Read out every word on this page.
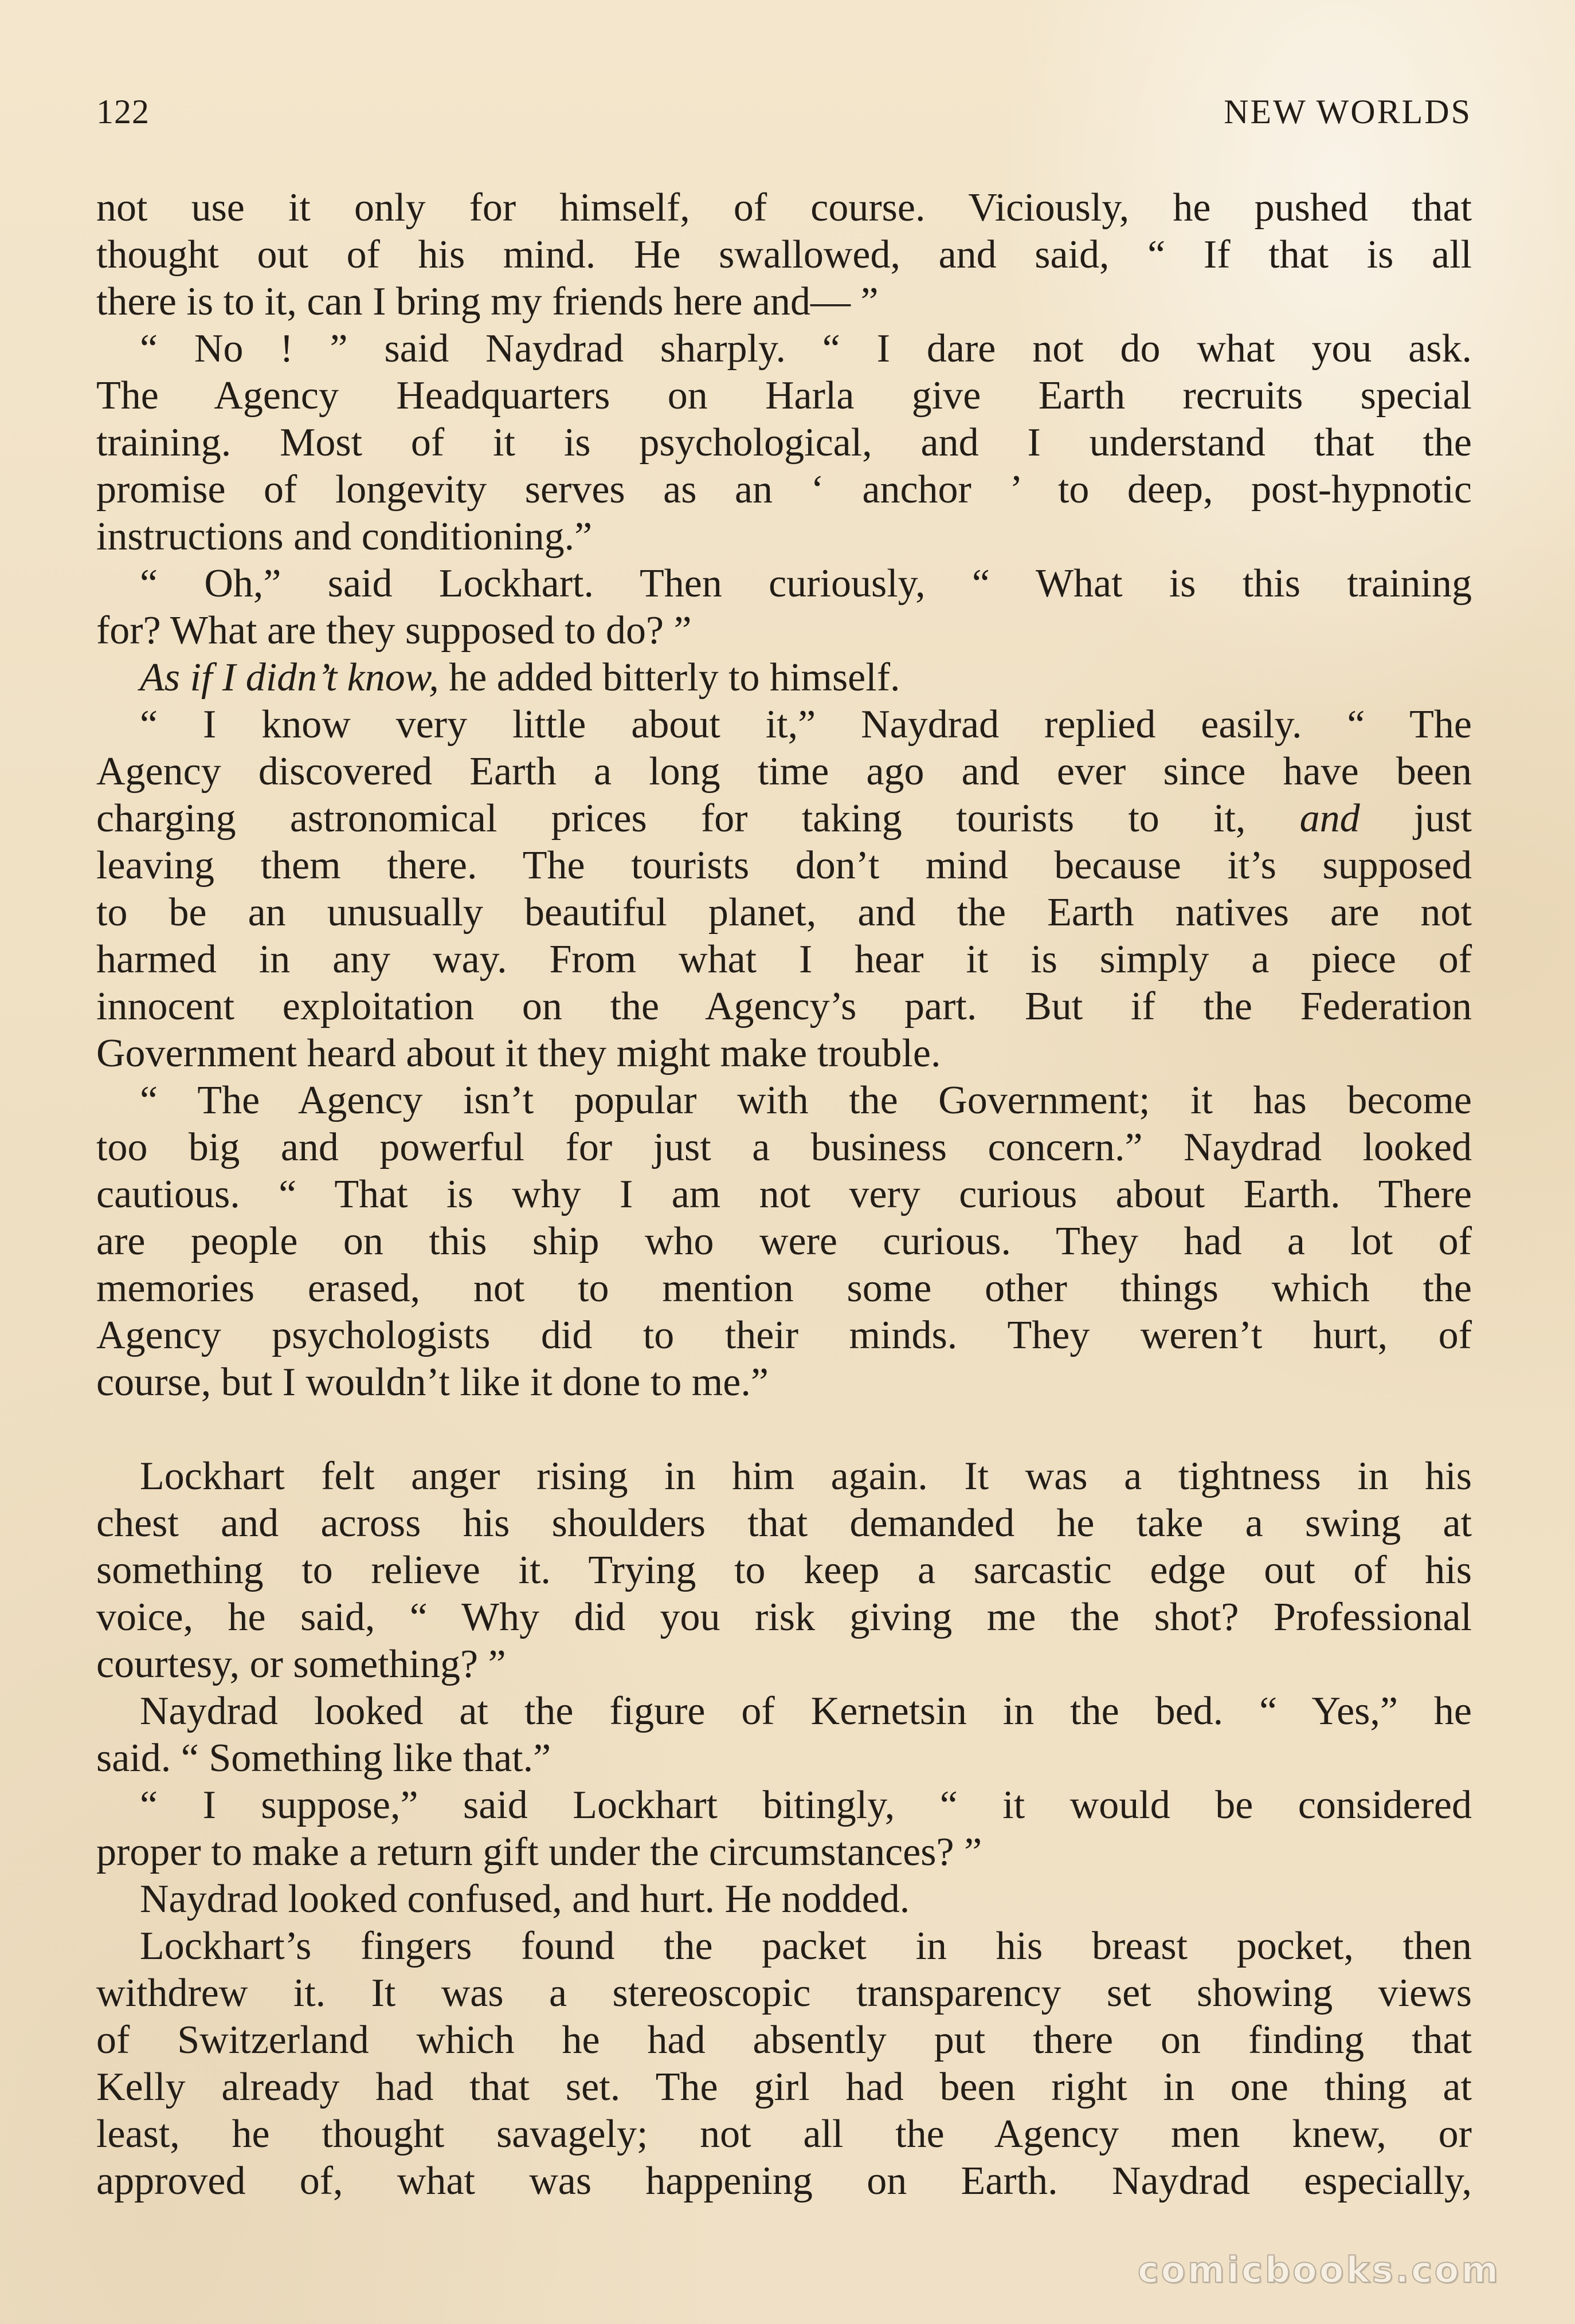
122	NEW WORLDS
not use it only for himself, of course. Viciously, he pushed that
thought out of his mind. He swallowed, and said, “ If that is all
there is to it, can I bring my friends here and— ”
“ No ! ” said Naydrad sharply. “ I dare not do what you ask.
The Agency Headquarters on Harla give Earth recruits special
training. Most of it is psychological, and I understand that the
promise of longevity serves as an ‘ anchor ’ to deep, post-hypnotic
instructions and conditioning.”
“ Oh,” said Lockhart. Then curiously, “ What is this training
for? What are they supposed to do? ”
As if I didn’t know, he added bitterly to himself.
“ I know very little about it,” Naydrad replied easily. “ The
Agency discovered Earth a long time ago and ever since have been
charging astronomical prices for taking tourists to it, and just
leaving them there. The tourists don’t mind because it’s supposed
to be an unusually beautiful planet, and the Earth natives are not
harmed in any way. From what I hear it is simply a piece of
innocent exploitation on the Agency’s part. But if the Federation
Government heard about it they might make trouble.
“ The Agency isn’t popular with the Government; it has become
too big and powerful for just a business concern.” Naydrad looked
cautious. “ That is why I am not very curious about Earth. There
are people on this ship who were curious. They had a lot of
memories erased, not to mention some other things which the
Agency psychologists did to their minds. They weren’t hurt, of
course, but I wouldn’t like it done to me.”
Lockhart felt anger rising in him again. It was a tightness in his
chest and across his shoulders that demanded he take a swing at
something to relieve it. Trying to keep a sarcastic edge out of his
voice, he said, “ Why did you risk giving me the shot? Professional
courtesy, or something? ”
Naydrad looked at the figure of Kernetsin in the bed. “ Yes,” he
said. “ Something like that.”
“ I suppose,” said Lockhart bitingly, “ it would be considered
proper to make a return gift under the circumstances? ”
Naydrad looked confused, and hurt. He nodded.
Lockhart’s fingers found the packet in his breast pocket, then
withdrew it. It was a stereoscopic transparency set showing views
of Switzerland which he had absently put there on finding that
Kelly already had that set. The girl had been right in one thing at
least, he thought savagely; not all the Agency men knew, or
approved of, what was happening on Earth. Naydrad especially,
comicbooks.com
